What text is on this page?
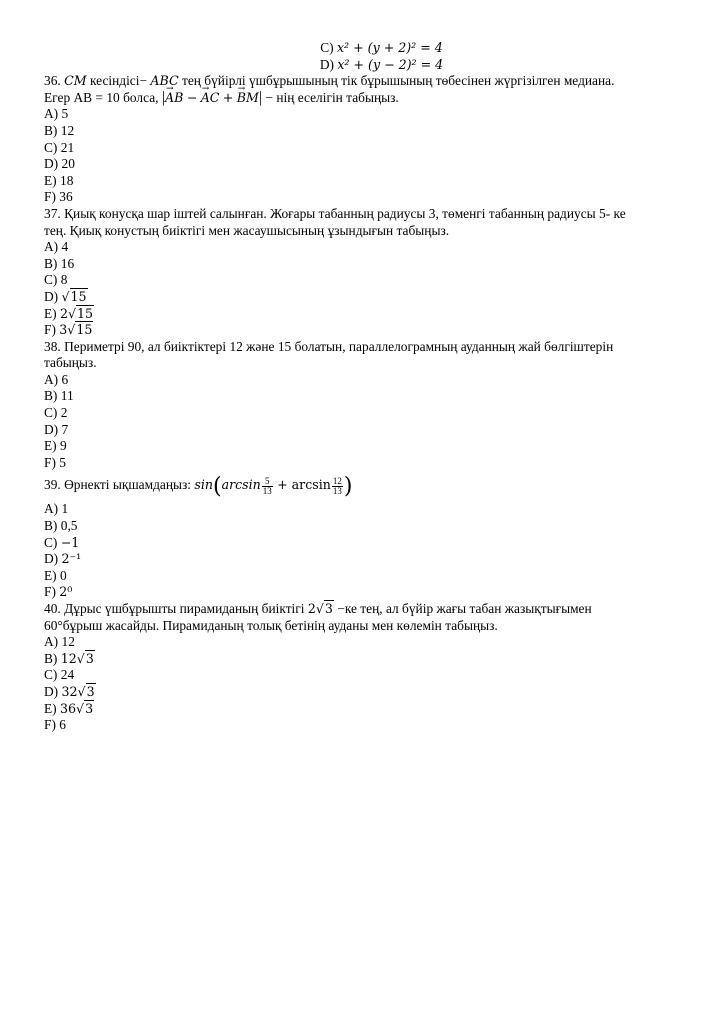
C) x² + (y + 2)² = 4
D) x² + (y − 2)² = 4
36. CM кесіндісі− ABC тең бүйірлі үшбұрышының тік бұрышының төбесінен жүргізілген медиана.
Егер AB = 10 болса, |→ AB − → AC + → BM| − нің еселігін табыңыз.
A) 5
B) 12
C) 21
D) 20
E) 18
F) 36
37. Қиық конусқа шар іштей салынған. Жоғары табанның радиусы 3, төменгі табанның радиусы 5- ке
тең. Қиық конустың биіктігі мен жасаушысының ұзындығын табыңыз.
A) 4
B) 16
C) 8
D) √15
E) 2√15
F) 3√15
38. Периметрі 90, ал биіктіктері 12 және 15 болатын, параллелограмның ауданның жай бөлгіштерін
табыңыз.
A) 6
B) 11
C) 2
D) 7
E) 9
F) 5
39. Өрнекті ықшамдаңыз: $\sin(\arcsin \frac{5}{13} + \arcsin \frac{12}{13}$ )
A) 1
B) 0,5
C) −1
D) 2⁻¹
E) 0
F) 2⁰
40. Дұрыс үшбұрышты пирамиданың биіктігі 2√3 −ке тең, ал бүйір жағы табан жазықтығымен
60°бұрыш жасайды. Пирамиданың толық бетінің ауданы мен көлемін табыңыз.
A) 12
B) 12√3
C) 24
D) 32√3
E) 36√3
F) 6
